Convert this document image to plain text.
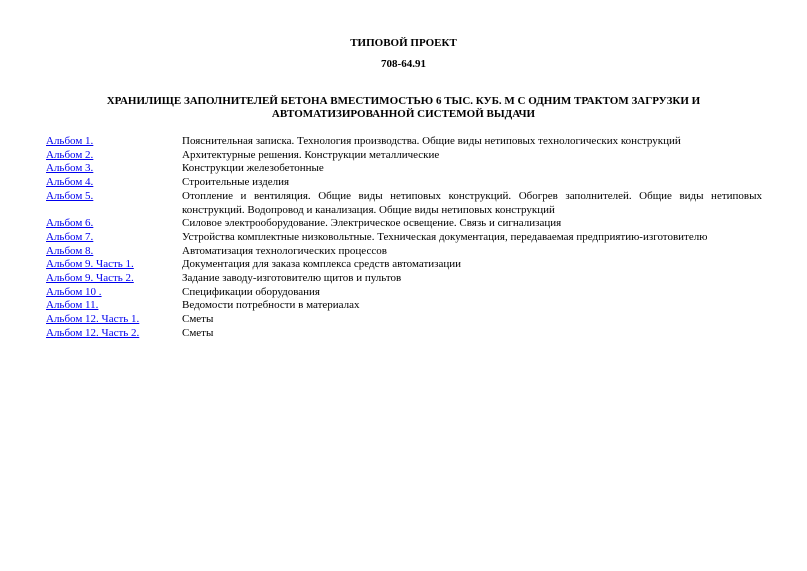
ТИПОВОЙ ПРОЕКТ
708-64.91
ХРАНИЛИЩЕ ЗАПОЛНИТЕЛЕЙ БЕТОНА ВМЕСТИМОСТЬЮ 6 ТЫС. КУБ. М С ОДНИМ ТРАКТОМ ЗАГРУЗКИ И АВТОМАТИЗИРОВАННОЙ СИСТЕМОЙ ВЫДАЧИ
Альбом 1.	Пояснительная записка. Технология производства. Общие виды нетиповых технологических конструкций
Альбом 2.	Архитектурные решения. Конструкции металлические
Альбом 3.	Конструкции железобетонные
Альбом 4.	Строительные изделия
Альбом 5.	Отопление и вентиляция. Общие виды нетиповых конструкций. Обогрев заполнителей. Общие виды нетиповых конструкций. Водопровод и канализация. Общие виды нетиповых конструкций
Альбом 6.	Силовое электрооборудование. Электрическое освещение. Связь и сигнализация
Альбом 7.	Устройства комплектные низковольтные. Техническая документация, передаваемая предприятию-изготовителю
Альбом 8.	Автоматизация технологических процессов
Альбом 9. Часть 1.	Документация для заказа комплекса средств автоматизации
Альбом 9. Часть 2.	Задание заводу-изготовителю щитов и пультов
Альбом 10 .	Спецификации оборудования
Альбом 11.	Ведомости потребности в материалах
Альбом 12. Часть 1.	Сметы
Альбом 12. Часть 2.	Сметы
